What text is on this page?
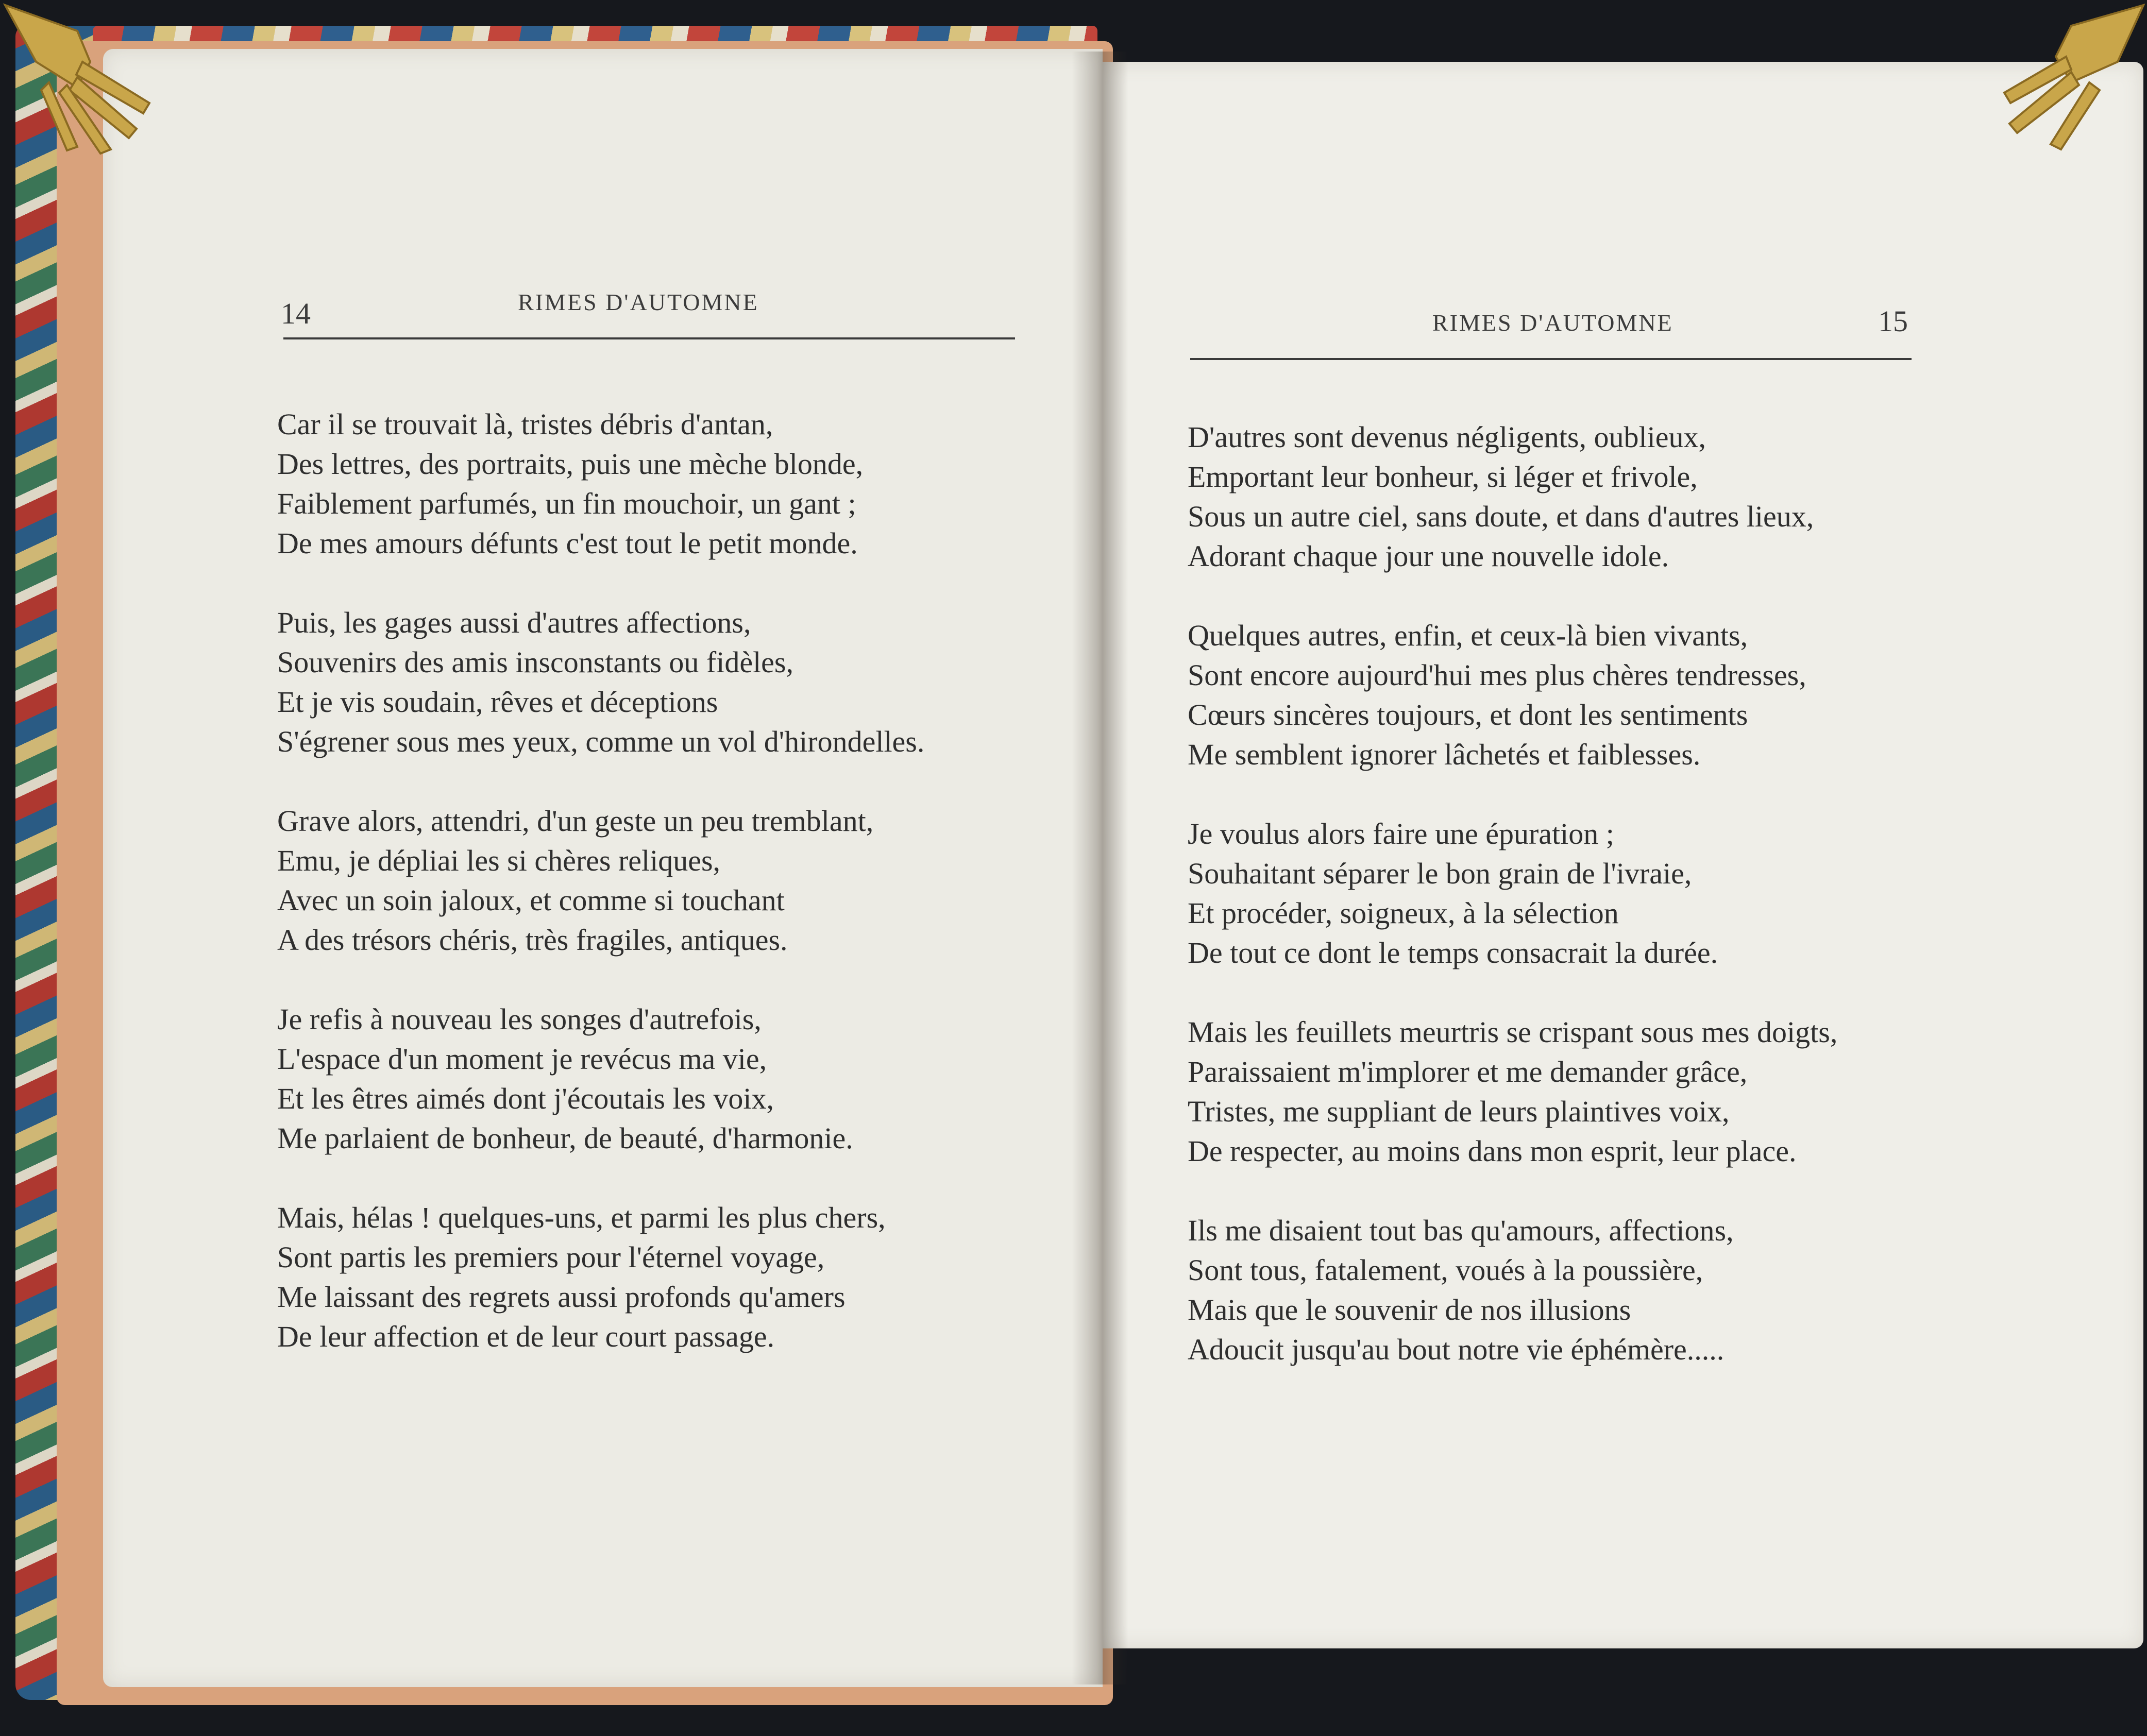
14	RIMES D'AUTOMNE
Car il se trouvait là, tristes débris d'antan,
Des lettres, des portraits, puis une mèche blonde,
Faiblement parfumés, un fin mouchoir, un gant ;
De mes amours défunts c'est tout le petit monde.
Puis, les gages aussi d'autres affections,
Souvenirs des amis insconstants ou fidèles,
Et je vis soudain, rêves et déceptions
S'égrener sous mes yeux, comme un vol d'hirondelles.
Grave alors, attendri, d'un geste un peu tremblant,
Emu, je dépliai les si chères reliques,
Avec un soin jaloux, et comme si touchant
A des trésors chéris, très fragiles, antiques.
Je refis à nouveau les songes d'autrefois,
L'espace d'un moment je revécus ma vie,
Et les êtres aimés dont j'écoutais les voix,
Me parlaient de bonheur, de beauté, d'harmonie.
Mais, hélas ! quelques-uns, et parmi les plus chers,
Sont partis les premiers pour l'éternel voyage,
Me laissant des regrets aussi profonds qu'amers
De leur affection et de leur court passage.
RIMES D'AUTOMNE	15
D'autres sont devenus négligents, oublieux,
Emportant leur bonheur, si léger et frivole,
Sous un autre ciel, sans doute, et dans d'autres lieux,
Adorant chaque jour une nouvelle idole.
Quelques autres, enfin, et ceux-là bien vivants,
Sont encore aujourd'hui mes plus chères tendresses,
Cœurs sincères toujours, et dont les sentiments
Me semblent ignorer lâchetés et faiblesses.
Je voulus alors faire une épuration ;
Souhaitant séparer le bon grain de l'ivraie,
Et procéder, soigneux, à la sélection
De tout ce dont le temps consacrait la durée.
Mais les feuillets meurtris se crispant sous mes doigts,
Paraissaient m'implorer et me demander grâce,
Tristes, me suppliant de leurs plaintives voix,
De respecter, au moins dans mon esprit, leur place.
Ils me disaient tout bas qu'amours, affections,
Sont tous, fatalement, voués à la poussière,
Mais que le souvenir de nos illusions
Adoucit jusqu'au bout notre vie éphémère.....
